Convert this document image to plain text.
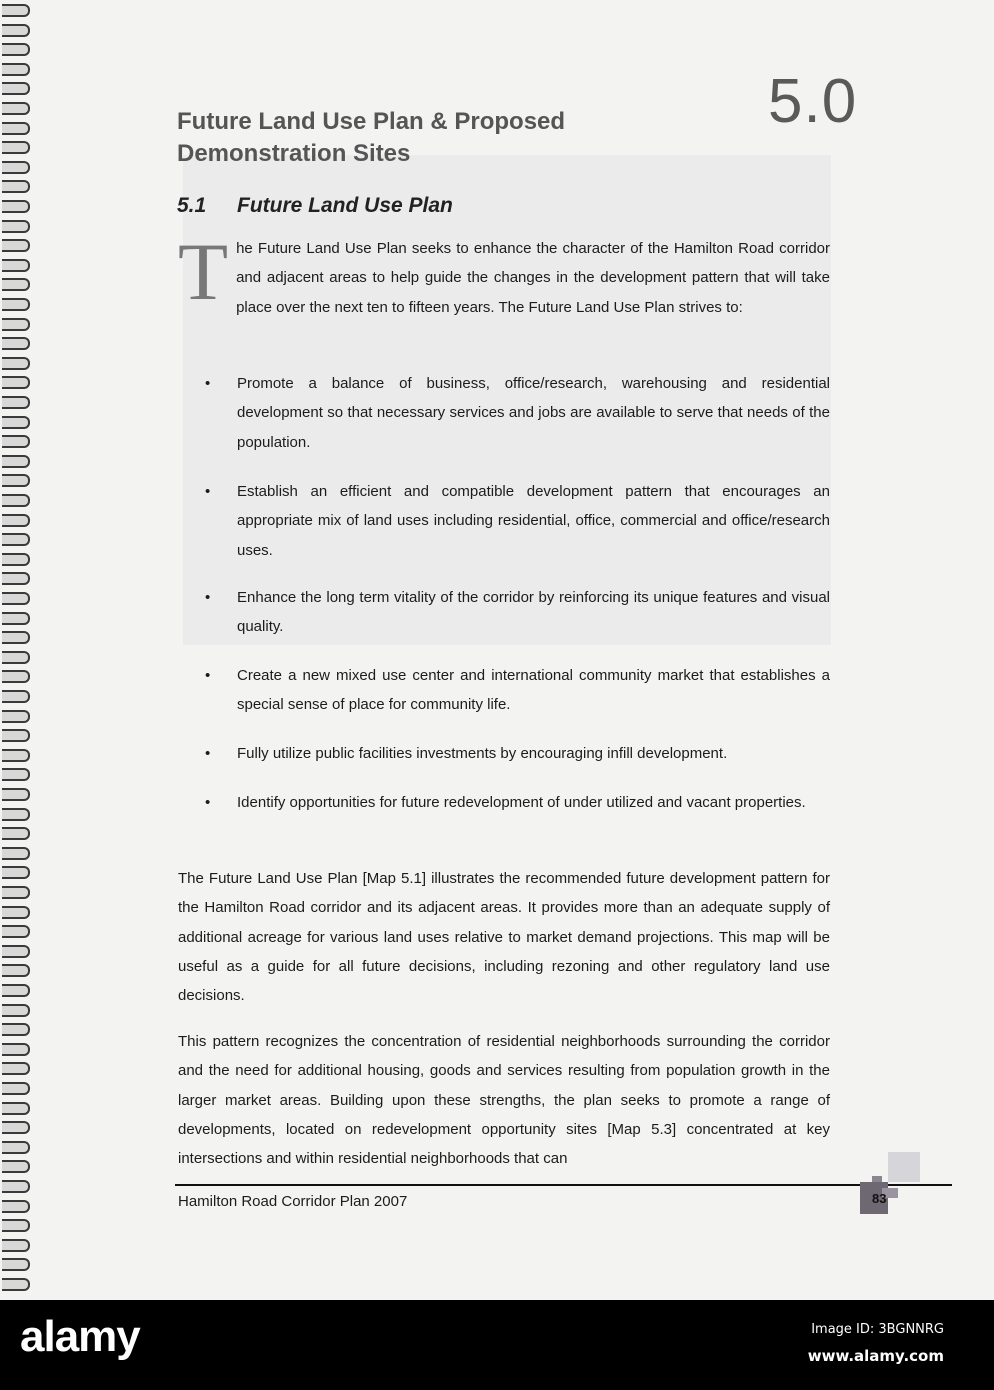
5.0
Future Land Use Plan & Proposed
Demonstration Sites
5.1 Future Land Use Plan
The Future Land Use Plan seeks to enhance the character of the Hamilton Road corridor and adjacent areas to help guide the changes in the development pattern that will take place over the next ten to fifteen years. The Future Land Use Plan strives to:
• Promote a balance of business, office/research, warehousing and residential development so that necessary services and jobs are available to serve that needs of the population.
• Establish an efficient and compatible development pattern that encourages an appropriate mix of land uses including residential, office, commercial and office/research uses.
• Enhance the long term vitality of the corridor by reinforcing its unique features and visual quality.
• Create a new mixed use center and international community market that establishes a special sense of place for community life.
• Fully utilize public facilities investments by encouraging infill development.
• Identify opportunities for future redevelopment of under utilized and vacant properties.
The Future Land Use Plan [Map 5.1] illustrates the recommended future development pattern for the Hamilton Road corridor and its adjacent areas. It provides more than an adequate supply of additional acreage for various land uses relative to market demand projections. This map will be useful as a guide for all future decisions, including rezoning and other regulatory land use decisions.
This pattern recognizes the concentration of residential neighborhoods surrounding the corridor and the need for additional housing, goods and services resulting from population growth in the larger market areas. Building upon these strengths, the plan seeks to promote a range of developments, located on redevelopment opportunity sites [Map 5.3] concentrated at key intersections and within residential neighborhoods that can
Hamilton Road Corridor Plan 2007	83
alamy	Image ID: 3BGNNRG
www.alamy.com
